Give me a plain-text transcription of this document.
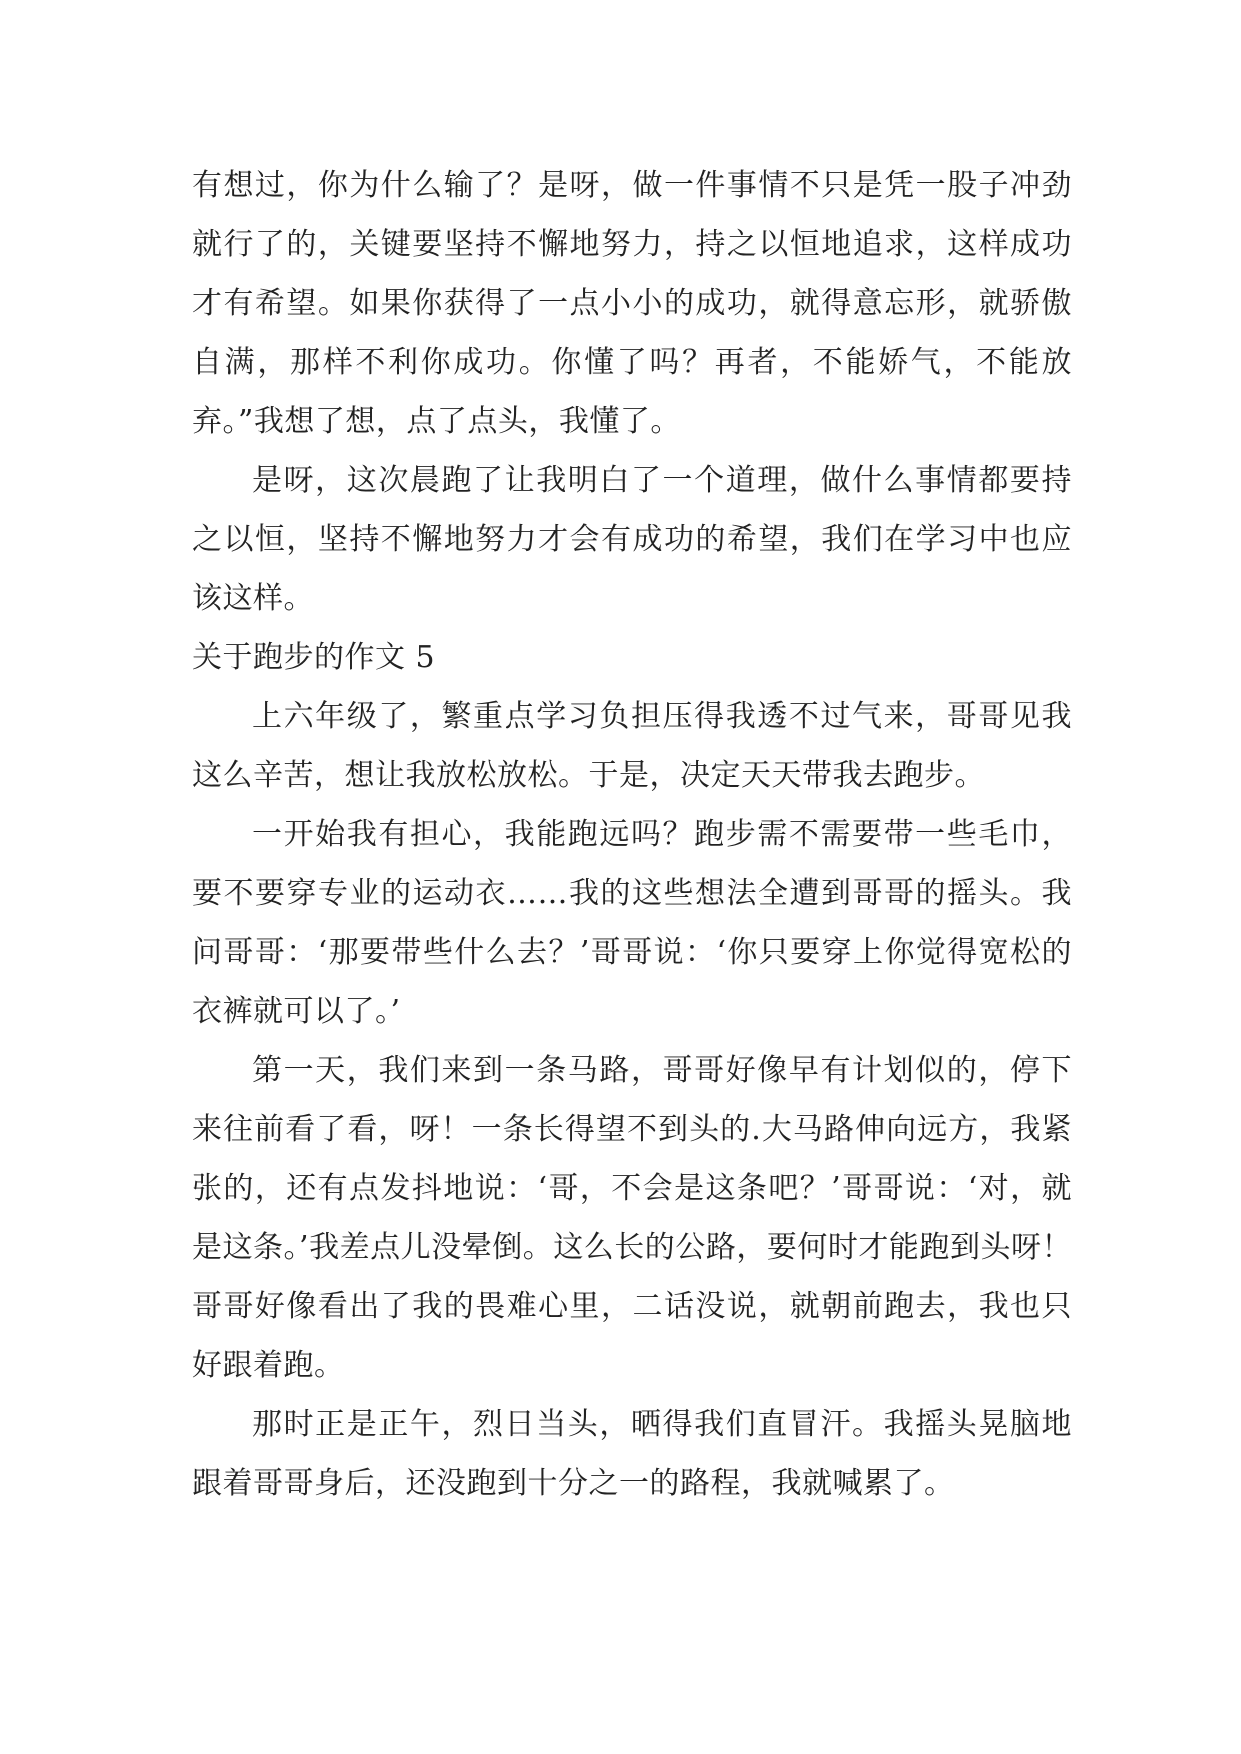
有想过，你为什么输了？是呀，做一件事情不只是凭一股子冲劲就行了的，关键要坚持不懈地努力，持之以恒地追求，这样成功才有希望。如果你获得了一点小小的成功，就得意忘形，就骄傲自满，那样不利你成功。你懂了吗？再者，不能娇气，不能放弃。”我想了想，点了点头，我懂了。

是呀，这次晨跑了让我明白了一个道理，做什么事情都要持之以恒，坚持不懈地努力才会有成功的希望，我们在学习中也应该这样。

关于跑步的作文 5

上六年级了，繁重点学习负担压得我透不过气来，哥哥见我这么辛苦，想让我放松放松。于是，决定天天带我去跑步。

一开始我有担心，我能跑远吗？跑步需不需要带一些毛巾，要不要穿专业的运动衣……我的这些想法全遭到哥哥的摇头。我问哥哥：‘那要带些什么去？’哥哥说：‘你只要穿上你觉得宽松的衣裤就可以了。’

第一天，我们来到一条马路，哥哥好像早有计划似的，停下来往前看了看，呀！一条长得望不到头的.大马路伸向远方，我紧张的，还有点发抖地说：‘哥，不会是这条吧？’哥哥说：‘对，就是这条。’我差点儿没晕倒。这么长的公路，要何时才能跑到头呀！哥哥好像看出了我的畏难心里，二话没说，就朝前跑去，我也只好跟着跑。

那时正是正午，烈日当头，晒得我们直冒汗。我摇头晃脑地跟着哥哥身后，还没跑到十分之一的路程，我就喊累了。
